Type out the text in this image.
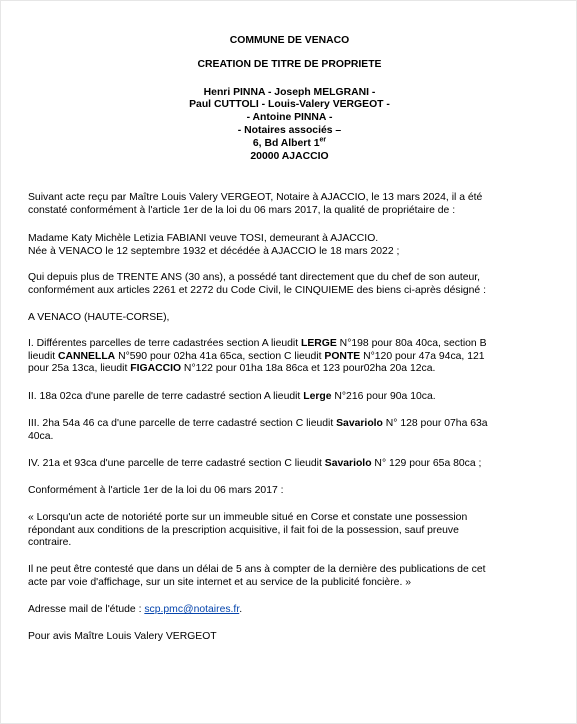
COMMUNE DE VENACO
CREATION DE TITRE DE PROPRIETE
Henri PINNA - Joseph MELGRANI -
Paul CUTTOLI - Louis-Valery VERGEOT -
- Antoine PINNA -
- Notaires associés –
6, Bd Albert 1er
20000 AJACCIO
Suivant acte reçu par Maître Louis Valery VERGEOT, Notaire à AJACCIO, le 13 mars 2024, il a été
constaté conformément à l'article 1er de la loi du 06 mars 2017, la qualité de propriétaire de :
Madame Katy Michèle Letizia FABIANI veuve TOSI, demeurant à AJACCIO.
Née à VENACO le 12 septembre 1932 et décédée à AJACCIO le 18 mars 2022 ;
Qui depuis plus de TRENTE ANS (30 ans), a possédé tant directement que du chef de son auteur,
conformément aux articles 2261 et 2272 du Code Civil, le CINQUIEME des biens ci-après désigné :
A VENACO (HAUTE-CORSE),
I. Différentes parcelles de terre cadastrées section A lieudit LERGE N°198 pour 80a 40ca, section B
lieudit CANNELLA N°590 pour 02ha 41a 65ca, section C lieudit PONTE N°120 pour 47a 94ca, 121
pour 25a 13ca, lieudit FIGACCIO N°122 pour 01ha 18a 86ca et 123 pour02ha 20a 12ca.
II. 18a 02ca d'une parelle de terre cadastré section A lieudit Lerge N°216 pour 90a 10ca.
III. 2ha 54a 46 ca d'une parcelle de terre cadastré section C lieudit Savariolo N° 128 pour 07ha 63a
40ca.
IV. 21a et 93ca d'une parcelle de terre cadastré section C lieudit Savariolo N° 129 pour 65a 80ca ;
Conformément à l'article 1er de la loi du 06 mars 2017 :
« Lorsqu'un acte de notoriété porte sur un immeuble situé en Corse et constate une possession
répondant aux conditions de la prescription acquisitive, il fait foi de la possession, sauf preuve
contraire.
Il ne peut être contesté que dans un délai de 5 ans à compter de la dernière des publications de cet
acte par voie d'affichage, sur un site internet et au service de la publicité foncière. »
Adresse mail de l'étude : scp.pmc@notaires.fr.
Pour avis Maître Louis Valery VERGEOT
